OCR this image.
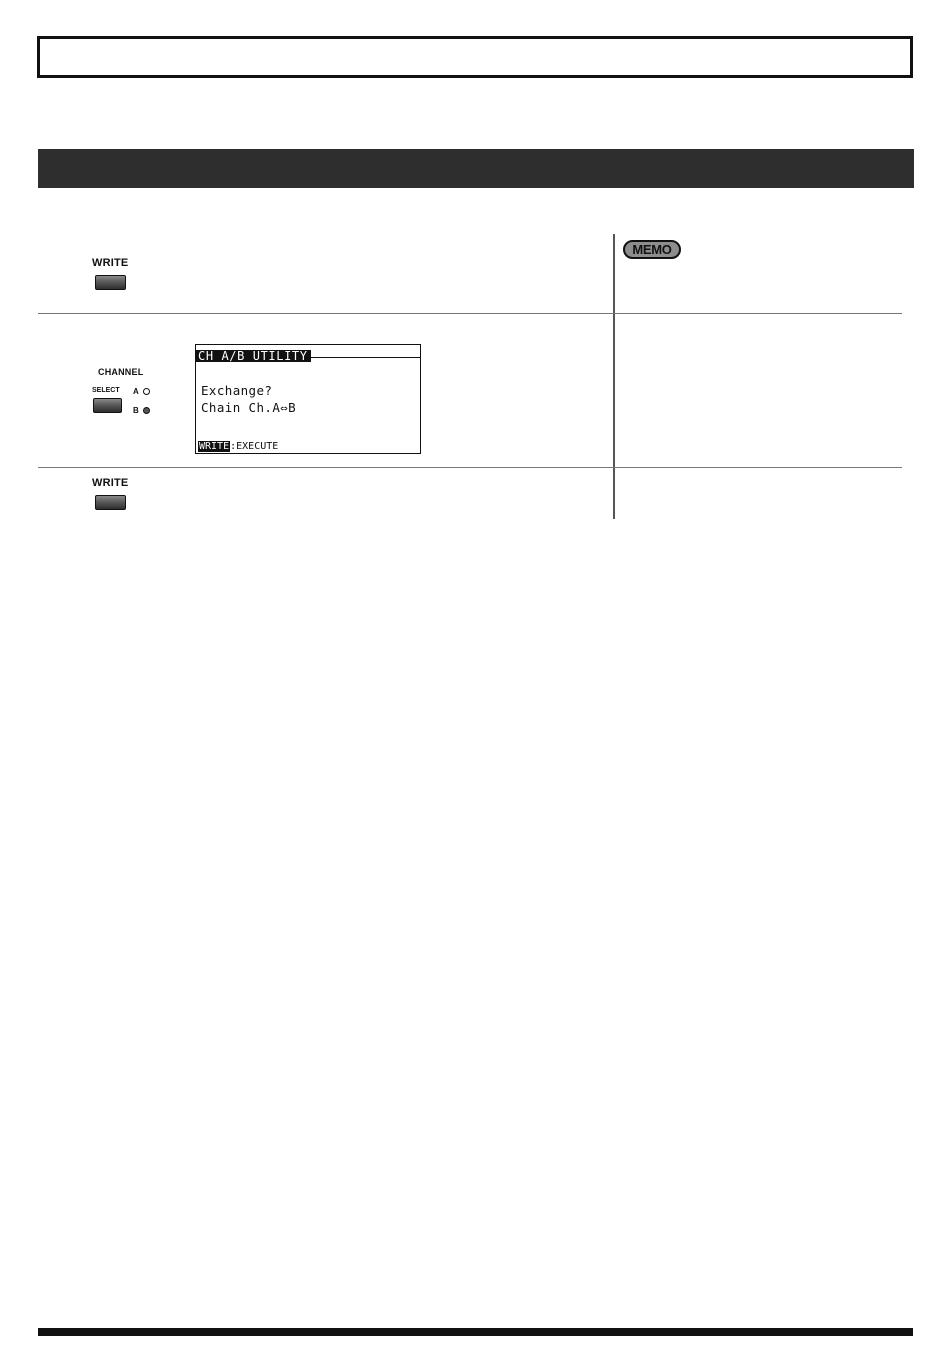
WRITE
MEMO
CHANNEL
SELECT A
B
CH A/B UTILITY
Exchange?
Chain Ch.A⇔B
WRITE:EXECUTE
WRITE
